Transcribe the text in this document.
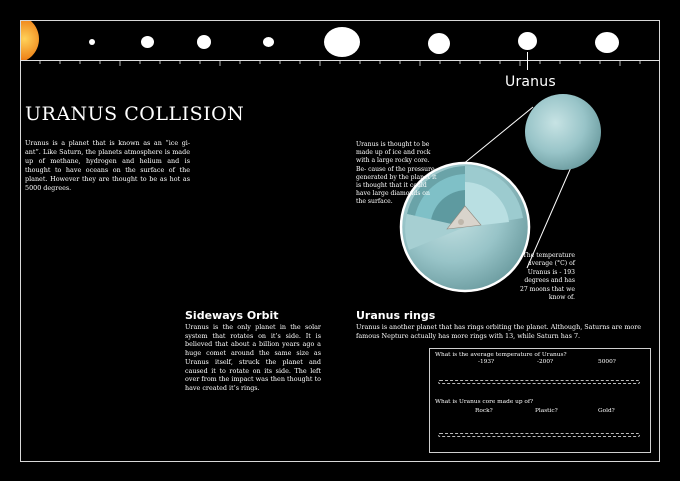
Uranus
URANUS COLLISION

Uranus is a planet that is known as an “ice gi- ant”. Like Saturn, the planets atmosphere is made up of methane, hydrogen and helium and is thought to have oceans on the surface of the planet. However they are thought to be as hot as 5000 degrees.

Uranus is thought to be made up of ice and rock with a large rocky core. Be- cause of the pressure generated by the planet it is thought that it could have large diamonds on the surface.

The temperature average (°C) of Uranus is - 193 degrees and has 27 moons that we know of.

Sideways Orbit

Uranus is the only planet in the solar system that rotates on it’s side. It is believed that about a billion years ago a huge comet around the same size as Uranus itself, struck the planet and caused it to rotate on its side. The left over from the impact was then thought to have created it’s rings.

Uranus rings

Uranus is another planet that has rings orbiting the planet. Although, Saturns are more famous Nepture actually has more rings with 13, while Saturn has 7.

What is the average temperature of Uranus?
-193?	-200?	5000?
What is Uranus core made up of?
Rock?	Plastic?	Gold?
